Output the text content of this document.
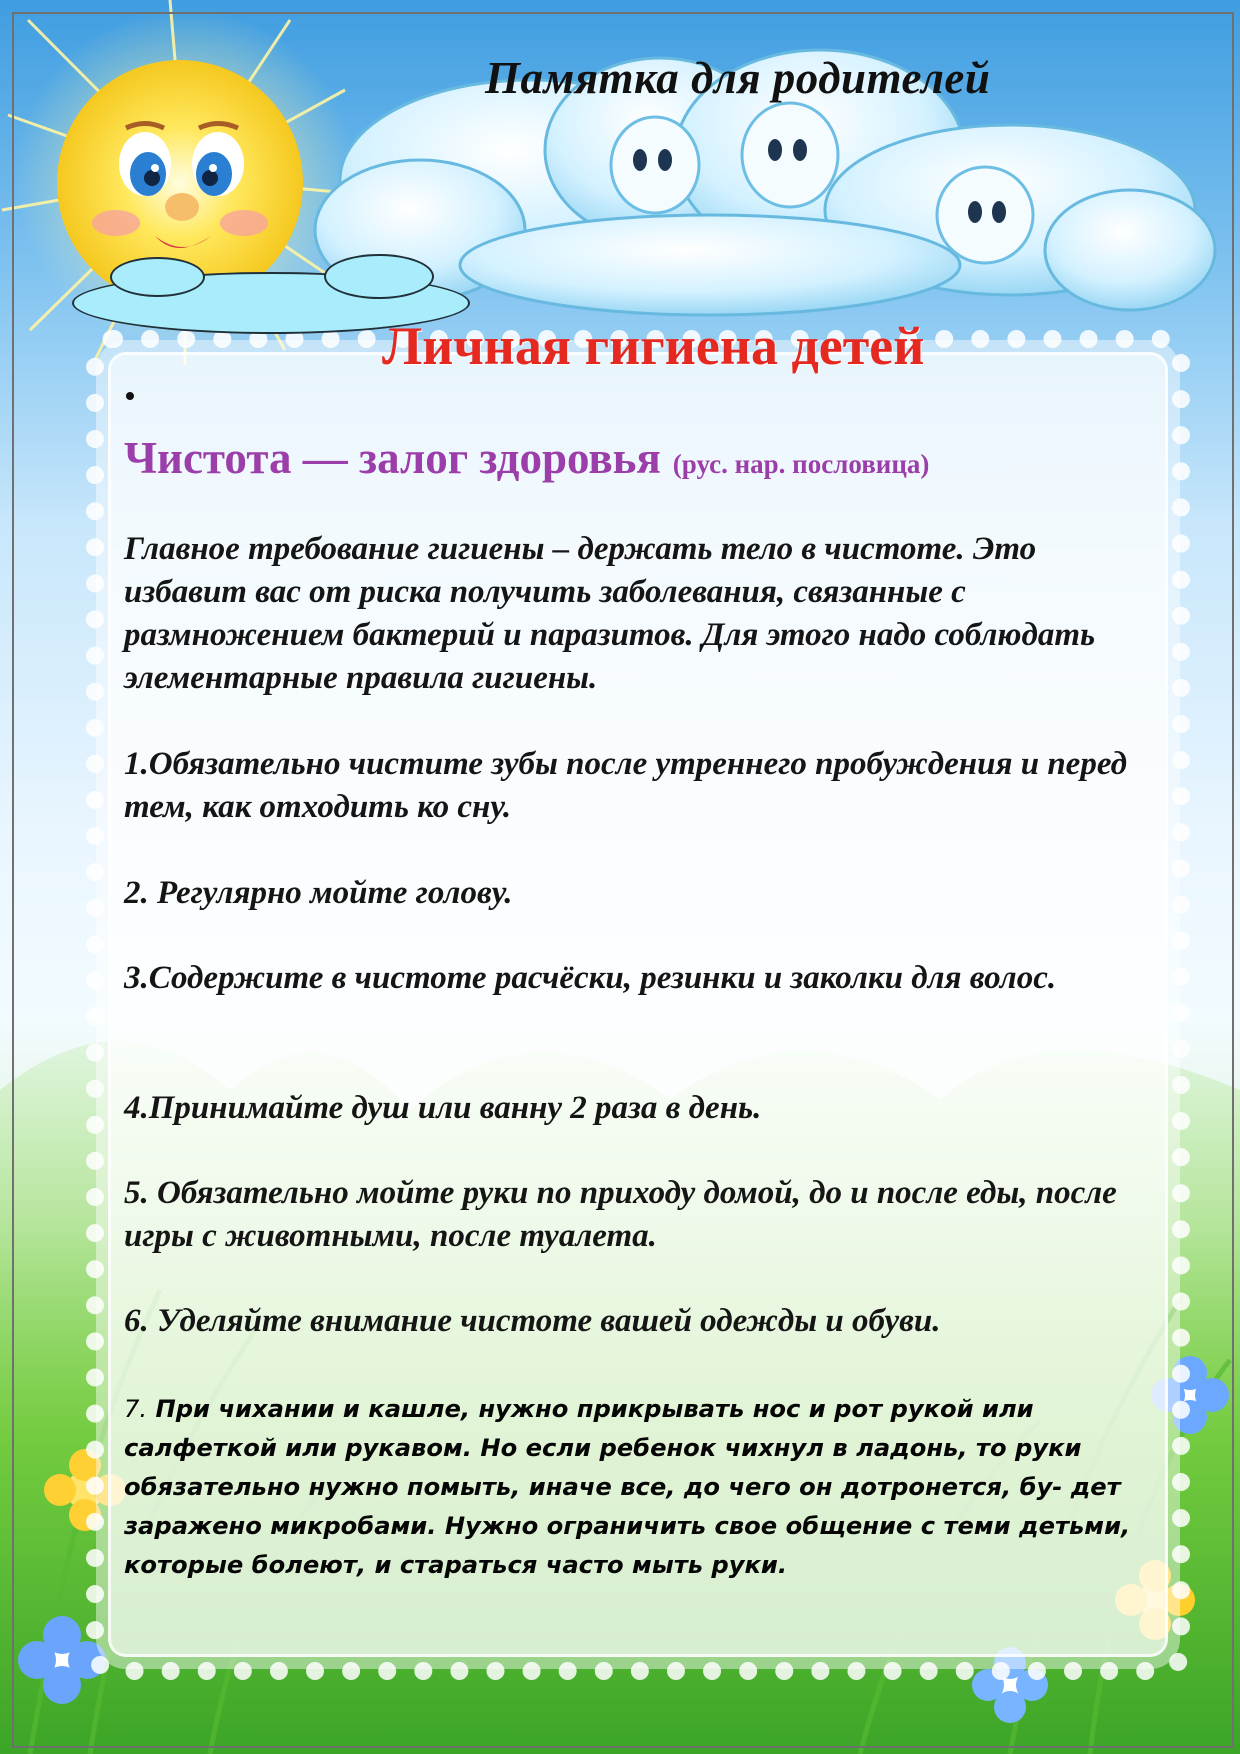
Памятка для родителей
Личная гигиена детей
Чистота — залог здоровья (рус. нар. пословица)
Главное требование гигиены – держать тело в чистоте. Это избавит вас от риска получить заболевания, связанные с размножением бактерий и паразитов. Для этого надо соблюдать элементарные правила гигиены.
1.Обязательно чистите зубы после утреннего пробуждения и перед тем, как отходить ко сну.
2. Регулярно мойте голову.
3.Содержите в чистоте расчёски, резинки и заколки для волос.
4.Принимайте душ или ванну 2 раза в день.
5. Обязательно мойте руки по приходу домой, до и после еды, после игры с животными, после туалета.
6. Уделяйте внимание чистоте вашей одежды и обуви.
7. При чихании и кашле, нужно прикрывать нос и рот рукой или салфеткой или рукавом. Но если ребенок чихнул в ладонь, то руки обязательно нужно помыть, иначе все, до чего он дотронется, бу- дет заражено микробами. Нужно ограничить свое общение с теми детьми, которые болеют, и стараться часто мыть руки.
